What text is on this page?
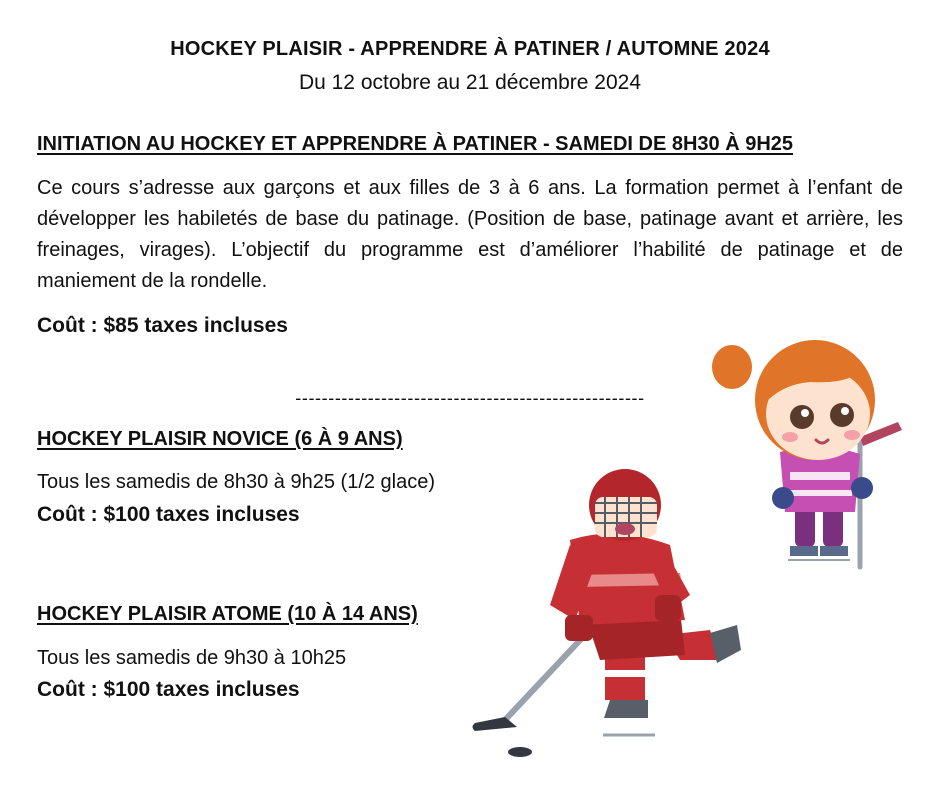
HOCKEY PLAISIR - APPRENDRE À PATINER / AUTOMNE 2024
Du 12 octobre au 21 décembre 2024
INITIATION AU HOCKEY ET APPRENDRE À PATINER - SAMEDI DE 8H30 À 9H25
Ce cours s’adresse aux garçons et aux filles de 3 à 6 ans. La formation permet à l’enfant de développer les habiletés de base du patinage. (Position de base, patinage avant et arrière, les freinages, virages). L’objectif du programme est d’améliorer l’habilité de patinage et de maniement de la rondelle.
Coût : $85 taxes incluses
-----------------------------------------------------
HOCKEY PLAISIR NOVICE (6 À 9 ANS)
Tous les samedis de 8h30 à 9h25 (1/2 glace)
Coût : $100 taxes incluses
HOCKEY PLAISIR ATOME (10 À 14 ANS)
Tous les samedis de 9h30 à 10h25
Coût : $100 taxes incluses
